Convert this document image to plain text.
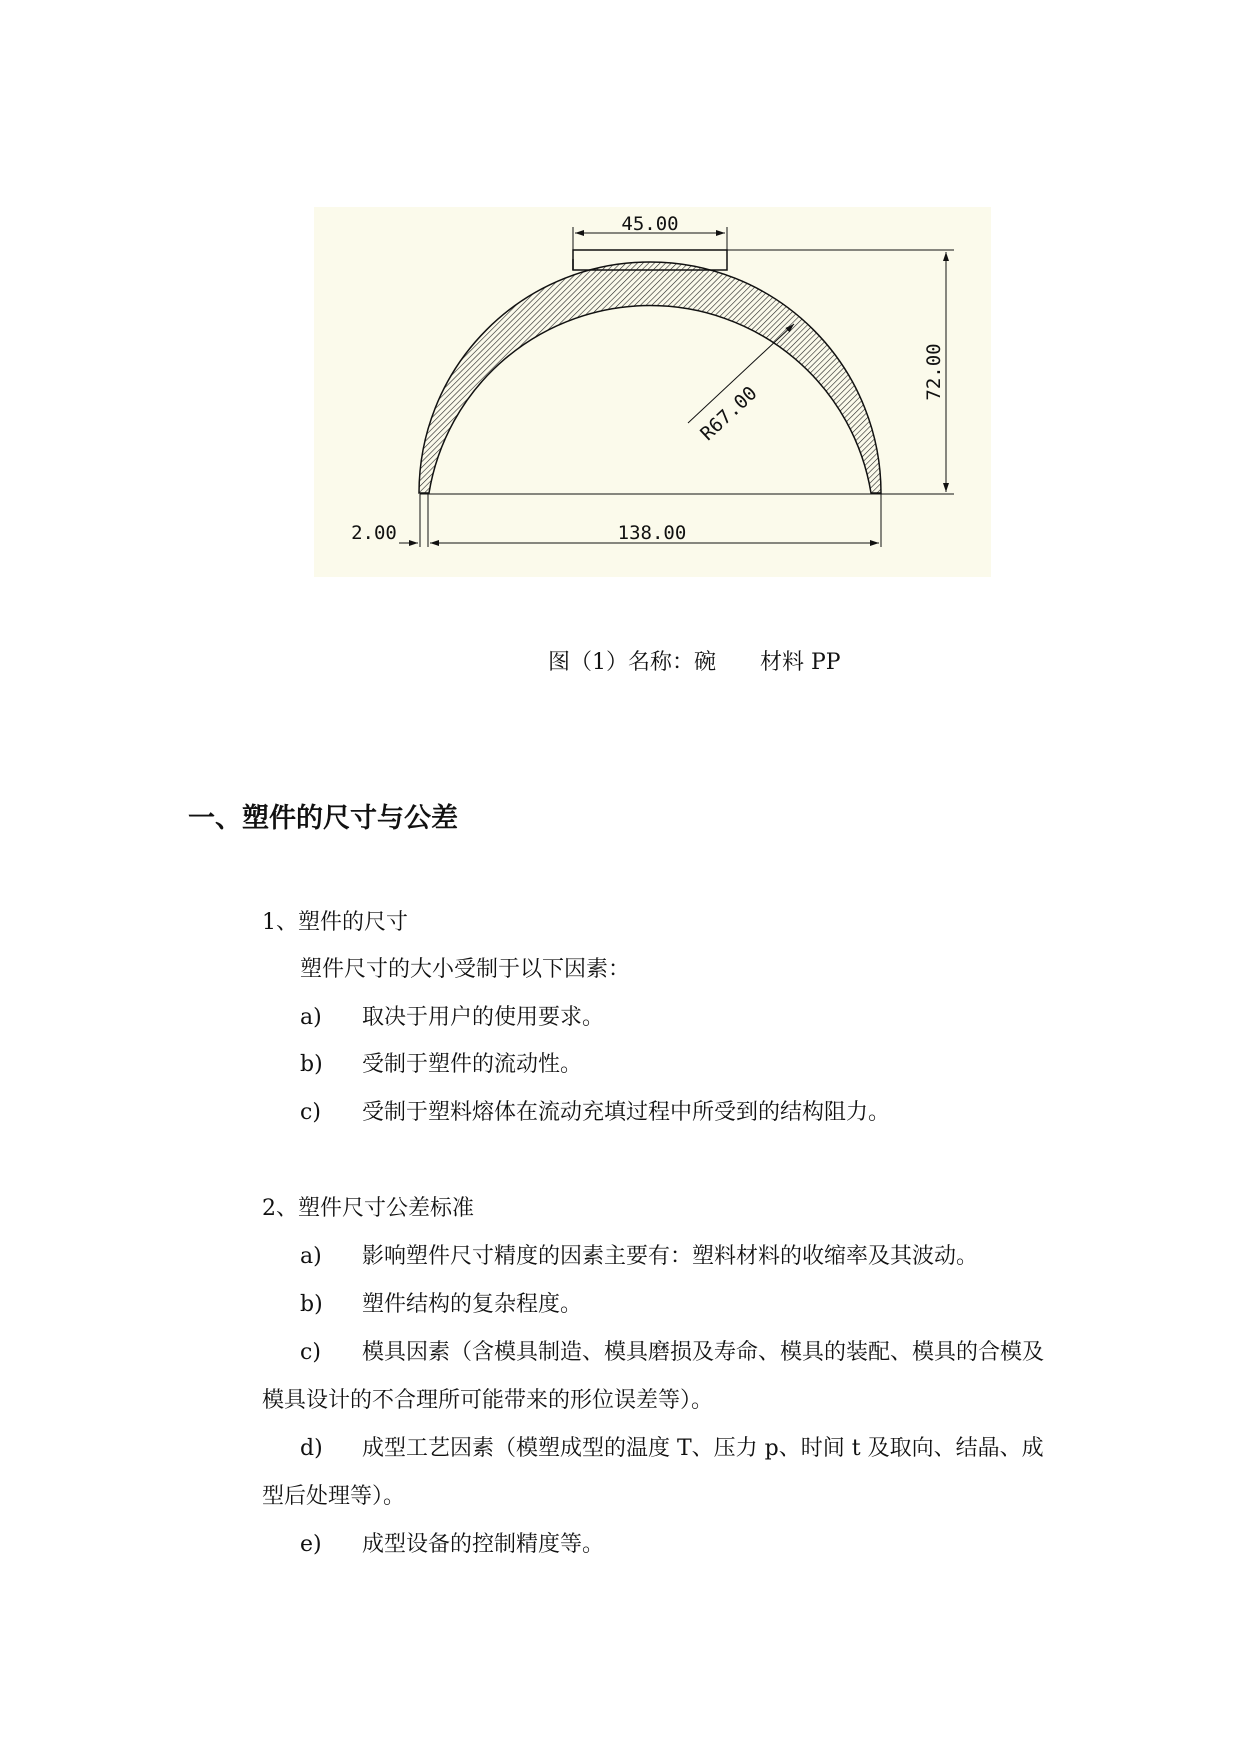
45.00
72.00
R67.00
138.00
2.00
图（1）名称：碗　　材料 PP
一、塑件的尺寸与公差
1、塑件的尺寸
塑件尺寸的大小受制于以下因素：
a) 取决于用户的使用要求。
b) 受制于塑件的流动性。
c) 受制于塑料熔体在流动充填过程中所受到的结构阻力。
2、塑件尺寸公差标准
a) 影响塑件尺寸精度的因素主要有：塑料材料的收缩率及其波动。
b) 塑件结构的复杂程度。
c) 模具因素（含模具制造、模具磨损及寿命、模具的装配、模具的合模及
模具设计的不合理所可能带来的形位误差等）。
d) 成型工艺因素（模塑成型的温度 T、压力 p、时间 t 及取向、结晶、成
型后处理等）。
e) 成型设备的控制精度等。
